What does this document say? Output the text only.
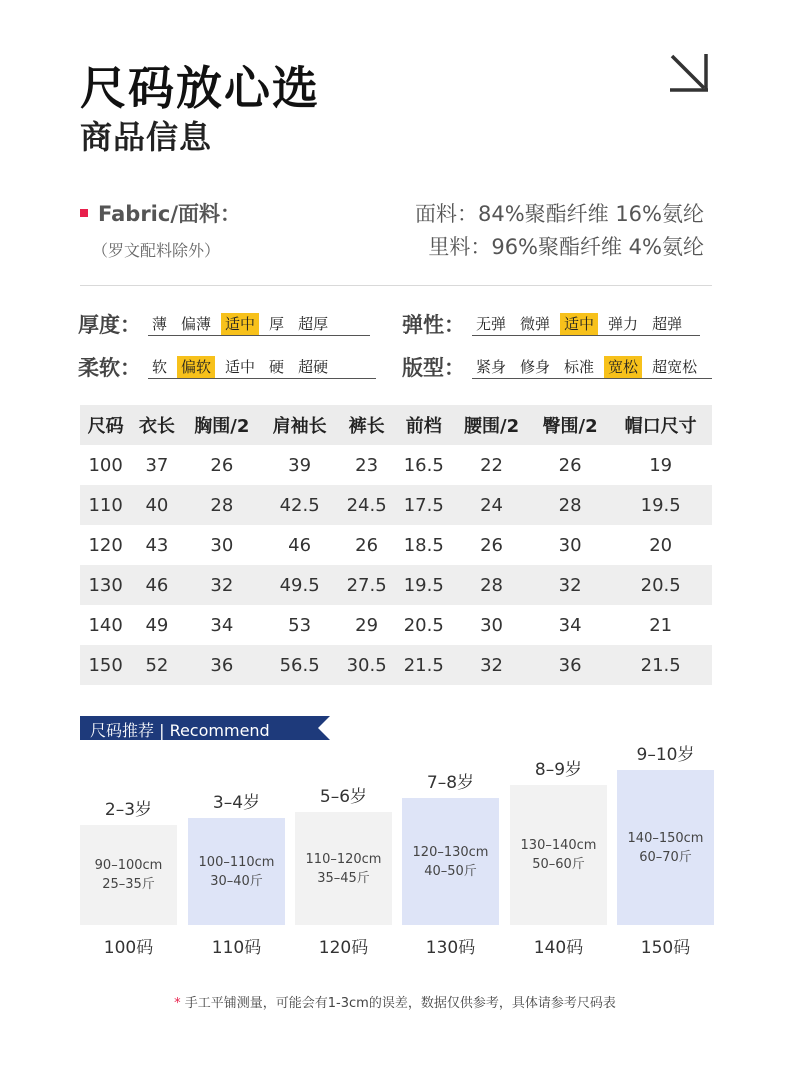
尺码放心选
商品信息
Fabric/面料：
（罗文配料除外）
面料：84%聚酯纤维 16%氨纶
里料：96%聚酯纤维 4%氨纶
厚度： 薄 偏薄 适中 厚 超厚	弹性： 无弹 微弹 适中 弹力 超弹
柔软： 软 偏软 适中 硬 超硬	版型： 紧身 修身 标准 宽松 超宽松
尺码	衣长	胸围/2	肩袖长	裤长	前档	腰围/2	臀围/2	帽口尺寸
100	37	26	39	23	16.5	22	26	19
110	40	28	42.5	24.5	17.5	24	28	19.5
120	43	30	46	26	18.5	26	30	20
130	46	32	49.5	27.5	19.5	28	32	20.5
140	49	34	53	29	20.5	30	34	21
150	52	36	56.5	30.5	21.5	32	36	21.5
尺码推荐 | Recommend
2–3岁
90–100cm
25–35斤
100码
3–4岁
100–110cm
30–40斤
110码
5–6岁
110–120cm
35–45斤
120码
7–8岁
120–130cm
40–50斤
130码
8–9岁
130–140cm
50–60斤
140码
9–10岁
140–150cm
60–70斤
150码
* 手工平铺测量，可能会有1-3cm的误差，数据仅供参考，具体请参考尺码表
